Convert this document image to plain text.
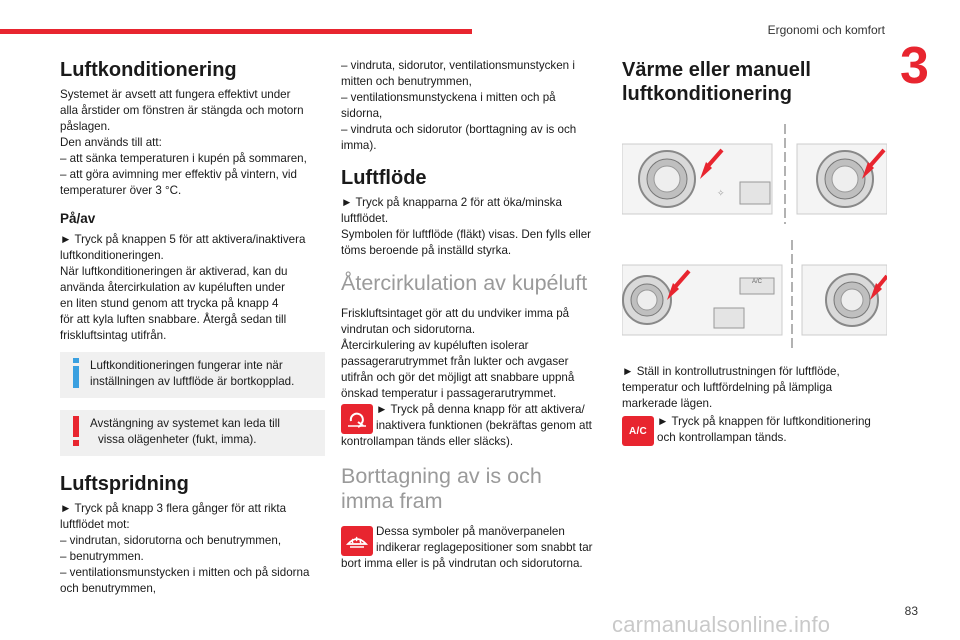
Ergonomi och komfort
3
Luftkonditionering

Systemet är avsett att fungera effektivt under

alla årstider om fönstren är stängda och motorn

påslagen.

Den används till att:

– att sänka temperaturen i kupén på sommaren,

– att göra avimning mer effektiv på vintern, vid

temperaturer över 3 °C.

På/av

► Tryck på knappen 5 för att aktivera/inaktivera

luftkonditioneringen.

När luftkonditioneringen är aktiverad, kan du

använda återcirkulation av kupéluften under

en liten stund genom att trycka på knapp 4

för att kyla luften snabbare. Återgå sedan till

friskluftsintag utifrån.

Luftkonditioneringen fungerar inte när

inställningen av luftflöde är bortkopplad.

Avstängning av systemet kan leda till

vissa olägenheter (fukt, imma).

Luftspridning

► Tryck på knapp 3 flera gånger för att rikta

luftflödet mot:

– vindrutan, sidorutorna och benutrymmen,

– benutrymmen.

– ventilationsmunstycken i mitten och på sidorna

och benutrymmen,

– vindruta, sidorutor, ventilationsmunstycken i

mitten och benutrymmen,

– ventilationsmunstyckena i mitten och på

sidorna,

– vindruta och sidorutor (borttagning av is och

imma).

Luftflöde

► Tryck på knapparna 2 för att öka/minska

luftflödet.

Symbolen för luftflöde (fläkt) visas. Den fylls eller

töms beroende på inställd styrka.

Återcirkulation av kupéluft

Friskluftsintaget gör att du undviker imma på

vindrutan och sidorutorna.

Återcirkulering av kupéluften isolerar

passagerarutrymmet från lukter och avgaser

utifrån och gör det möjligt att snabbare uppnå

önskad temperatur i passagerarutrymmet.

► Tryck på denna knapp för att aktivera/

inaktivera funktionen (bekräftas genom att

kontrollampan tänds eller släcks).

Borttagning av is och imma fram

Dessa symboler på manöverpanelen

indikerar reglagepositioner som snabbt tar

bort imma eller is på vindrutan och sidorutorna.

Värme eller manuell luftkonditionering
✧
A/C

► Ställ in kontrollutrustningen för luftflöde,

temperatur och luftfördelning på lämpliga

markerade lägen.

A/C

► Tryck på knappen för luftkonditionering

och kontrollampan tänds.

83
carmanualsonline.info
